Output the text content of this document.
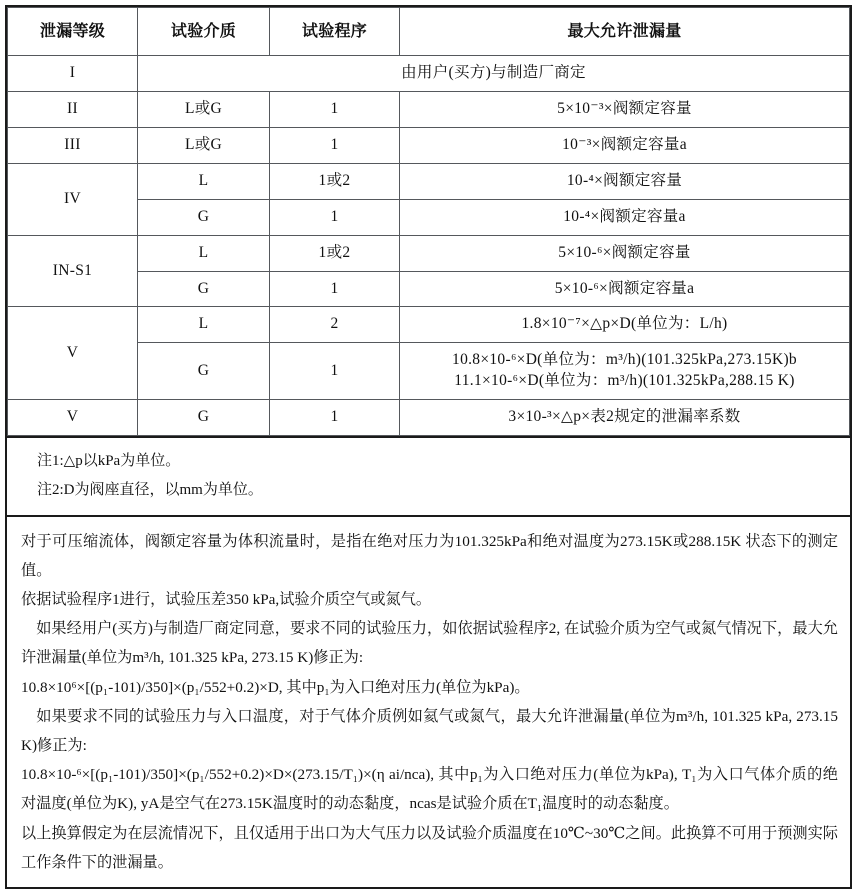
泄漏等级	试验介质	试验程序	最大允许泄漏量
I	由用户(买方)与制造厂商定		
II	L或G	1	5×10⁻³×阀额定容量
III	L或G	1	10⁻³×阀额定容量a
IV	L	1或2	10-⁴×阀额定容量
	G	1	10-⁴×阀额定容量a
IN-S1	L	1或2	5×10-⁶×阀额定容量
	G	1	5×10-⁶×阀额定容量a
V	L	2	1.8×10⁻⁷×△p×D(单位为：L/h)
	G	1	10.8×10-⁶×D(单位为：m³/h)(101.325kPa,273.15K)b
11.1×10-⁶×D(单位为：m³/h)(101.325kPa,288.15 K)

V	G	1	3×10-³×△p×表2规定的泄漏率系数
注1:△p以kPa为单位。
注2:D为阀座直径，以mm为单位。

对于可压缩流体，阀额定容量为体积流量时，是指在绝对压力为101.325kPa和绝对温度为273.15K或288.15K 状态下的测定值。

依据试验程序1进行，试验压差350 kPa,试验介质空气或氮气。

如果经用户(买方)与制造厂商定同意，要求不同的试验压力，如依据试验程序2, 在试验介质为空气或氮气情况下，最大允许泄漏量(单位为m³/h, 101.325 kPa, 273.15 K)修正为:

10.8×10⁶×[(p₁-101)/350]×(p₁/552+0.2)×D, 其中p₁为入口绝对压力(单位为kPa)。

如果要求不同的试验压力与入口温度，对于气体介质例如氦气或氮气，最大允许泄漏量(单位为m³/h, 101.325 kPa, 273.15 K)修正为:

10.8×10-⁶×[(p₁-101)/350]×(p₁/552+0.2)×D×(273.15/T₁)×(η ai/nca), 其中p₁为入口绝对压力(单位为kPa), T₁为入口气体介质的绝对温度(单位为K), yA是空气在273.15K温度时的动态黏度，ncas是试验介质在T₁温度时的动态黏度。

以上换算假定为在层流情况下，且仅适用于出口为大气压力以及试验介质温度在10℃~30℃之间。此换算不可用于预测实际工作条件下的泄漏量。
